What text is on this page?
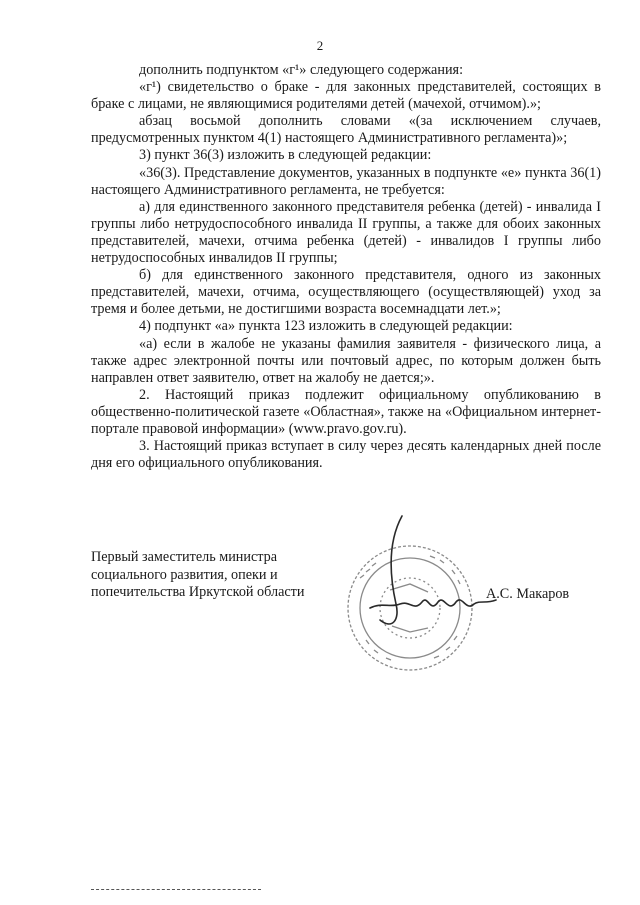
2

дополнить подпунктом «г¹» следующего содержания:

«г¹) свидетельство о браке - для законных представителей, состоящих в браке с лицами, не являющимися родителями детей (мачехой, отчимом).»;

абзац восьмой дополнить словами «(за исключением случаев, предусмотренных пунктом 4(1) настоящего Административного регламента)»;

3) пункт 36(3) изложить в следующей редакции:

«36(3). Представление документов, указанных в подпункте «е» пункта 36(1) настоящего Административного регламента, не требуется:

а) для единственного законного представителя ребенка (детей) - инвалида I группы либо нетрудоспособного инвалида II группы, а также для обоих законных представителей, мачехи, отчима ребенка (детей) - инвалидов I группы либо нетрудоспособных инвалидов II группы;

б) для единственного законного представителя, одного из законных представителей, мачехи, отчима, осуществляющего (осуществляющей) уход за тремя и более детьми, не достигшими возраста восемнадцати лет.»;

4) подпункт «а» пункта 123 изложить в следующей редакции:

«а) если в жалобе не указаны фамилия заявителя - физического лица, а также адрес электронной почты или почтовый адрес, по которым должен быть направлен ответ заявителю, ответ на жалобу не дается;».

2. Настоящий приказ подлежит официальному опубликованию в общественно-политической газете «Областная», также на «Официальном интернет-портале правовой информации» (www.pravo.gov.ru).

3. Настоящий приказ вступает в силу через десять календарных дней после дня его официального опубликования.

Первый заместитель министра
социального развития, опеки и
попечительства Иркутской области	А.С. Макаров
